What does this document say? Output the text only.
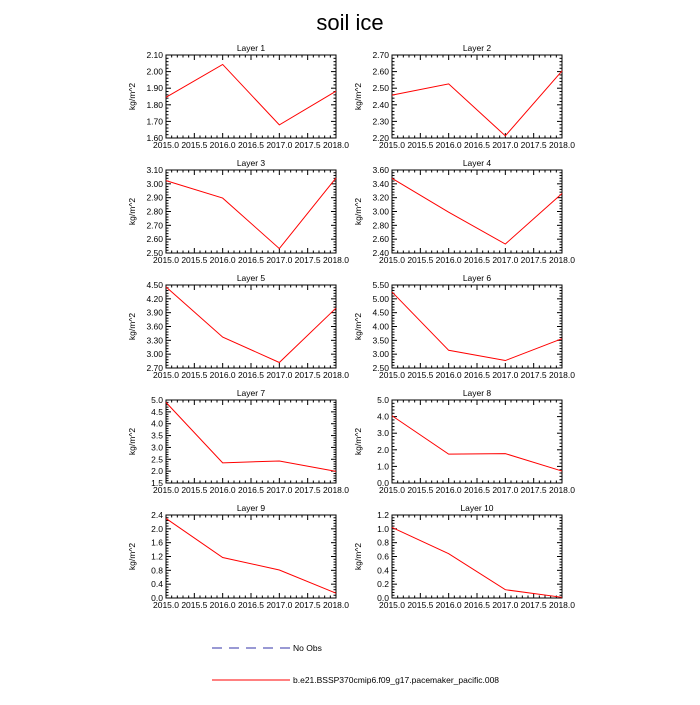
soil ice
Layer 1
kg/m^2
2015.0 2015.5 2016.0 2016.5 2017.0 2017.5 2018.0
1.60
1.70
1.80
1.90
2.00
2.10
Layer 2
kg/m^2
2015.0 2015.5 2016.0 2016.5 2017.0 2017.5 2018.0
2.20
2.30
2.40
2.50
2.60
2.70
Layer 3
kg/m^2
2015.0 2015.5 2016.0 2016.5 2017.0 2017.5 2018.0
2.50
2.60
2.70
2.80
2.90
3.00
3.10
Layer 4
kg/m^2
2015.0 2015.5 2016.0 2016.5 2017.0 2017.5 2018.0
2.40
2.60
2.80
3.00
3.20
3.40
3.60
Layer 5
kg/m^2
2015.0 2015.5 2016.0 2016.5 2017.0 2017.5 2018.0
2.70
3.00
3.30
3.60
3.90
4.20
4.50
Layer 6
kg/m^2
2015.0 2015.5 2016.0 2016.5 2017.0 2017.5 2018.0
2.50
3.00
3.50
4.00
4.50
5.00
5.50
Layer 7
kg/m^2
2015.0 2015.5 2016.0 2016.5 2017.0 2017.5 2018.0
1.5
2.0
2.5
3.0
3.5
4.0
4.5
5.0
Layer 8
kg/m^2
2015.0 2015.5 2016.0 2016.5 2017.0 2017.5 2018.0
0.0
1.0
2.0
3.0
4.0
5.0
Layer 9
kg/m^2
2015.0 2015.5 2016.0 2016.5 2017.0 2017.5 2018.0
0.0
0.4
0.8
1.2
1.6
2.0
2.4
Layer 10
kg/m^2
2015.0 2015.5 2016.0 2016.5 2017.0 2017.5 2018.0
0.0
0.2
0.4
0.6
0.8
1.0
1.2
No Obs
b.e21.BSSP370cmip6.f09_g17.pacemaker_pacific.008
